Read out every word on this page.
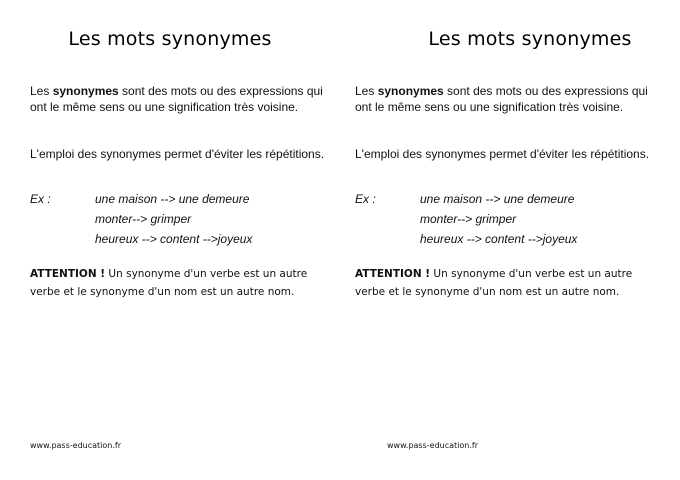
Les mots synonymes

Les synonymes sont des mots ou des expressions qui ont le même sens ou une signification très voisine.

L'emploi des synonymes permet d'éviter les répétitions.

Ex :	une maison --> une demeure
monter--> grimper
heureux --> content -->joyeux

ATTENTION ! Un synonyme d'un verbe est un autre verbe et le synonyme d'un nom est un autre nom.

www.pass-education.fr
Les mots synonymes

Les synonymes sont des mots ou des expressions qui ont le même sens ou une signification très voisine.

L'emploi des synonymes permet d'éviter les répétitions.

Ex :	une maison --> une demeure
monter--> grimper
heureux --> content -->joyeux

ATTENTION ! Un synonyme d'un verbe est un autre verbe et le synonyme d'un nom est un autre nom.

www.pass-education.fr
